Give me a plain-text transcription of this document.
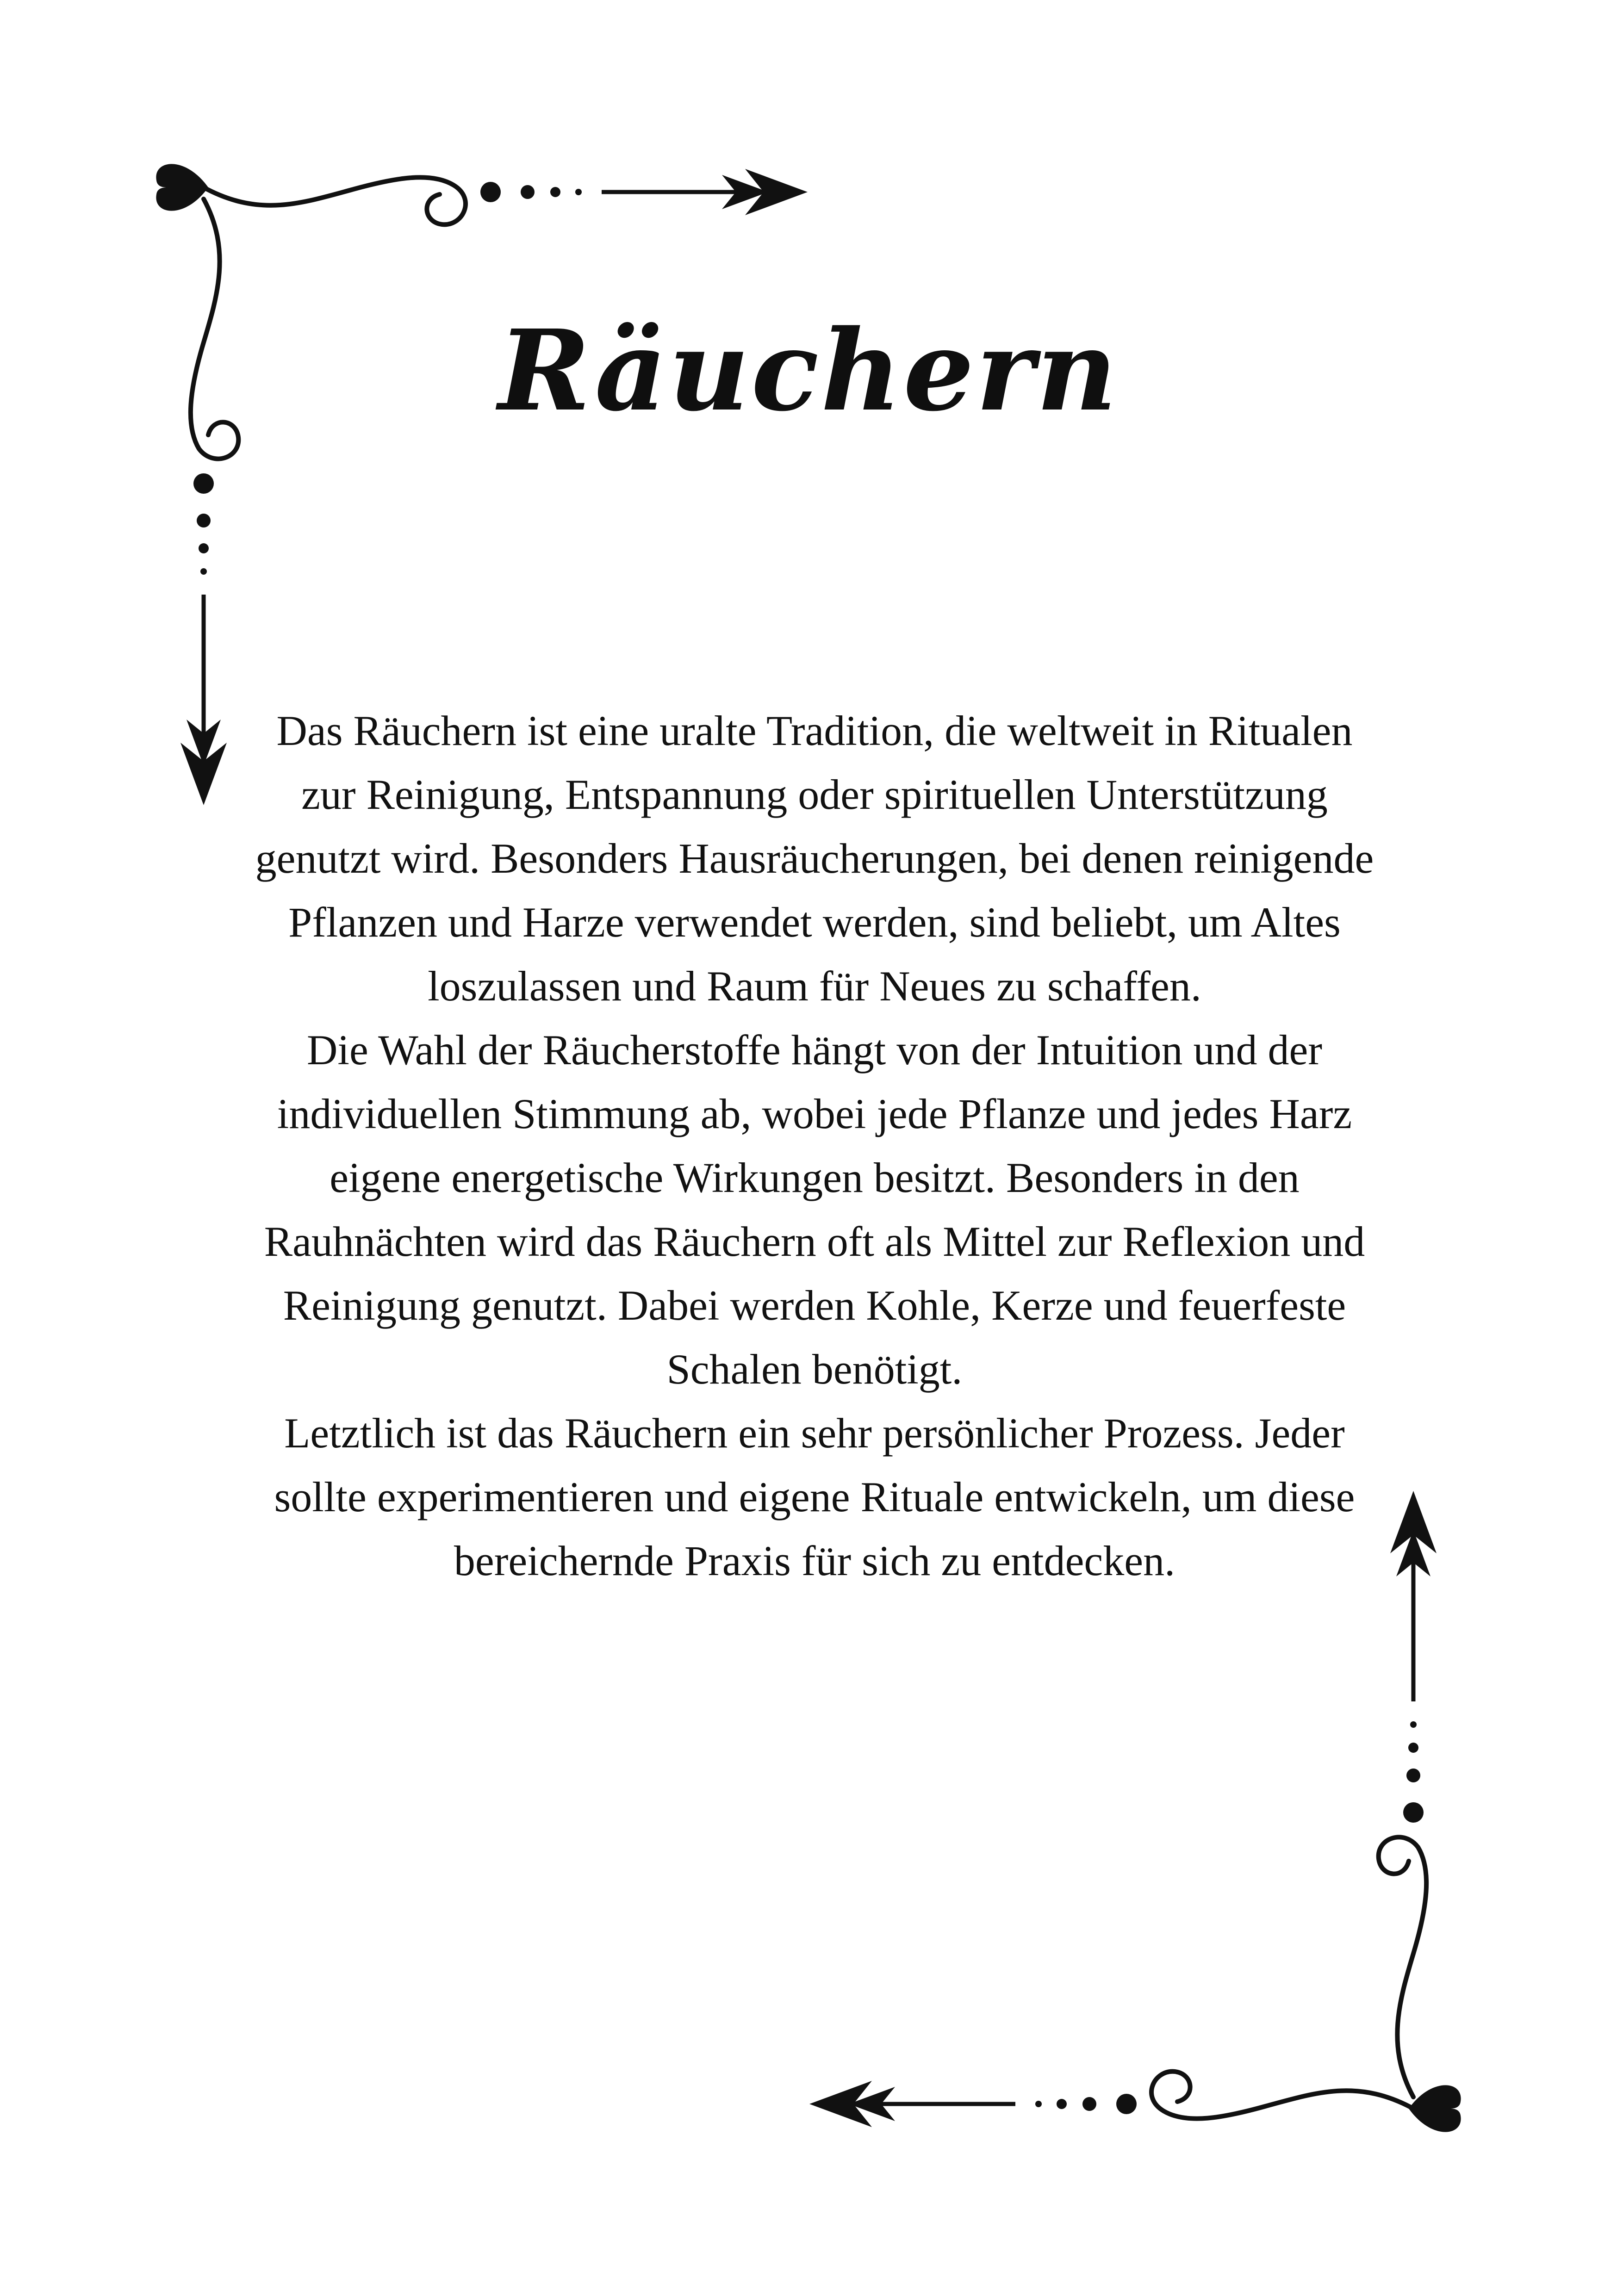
Räuchern

Das Räuchern ist eine uralte Tradition, die weltweit in Ritualen zur Reinigung, Entspannung oder spirituellen Unterstützung genutzt wird. Besonders Hausräucherungen, bei denen reinigende Pflanzen und Harze verwendet werden, sind beliebt, um Altes loszulassen und Raum für Neues zu schaffen.

Die Wahl der Räucherstoffe hängt von der Intuition und der individuellen Stimmung ab, wobei jede Pflanze und jedes Harz eigene energetische Wirkungen besitzt. Besonders in den Rauhnächten wird das Räuchern oft als Mittel zur Reflexion und Reinigung genutzt. Dabei werden Kohle, Kerze und feuerfeste Schalen benötigt.

Letztlich ist das Räuchern ein sehr persönlicher Prozess. Jeder sollte experimentieren und eigene Rituale entwickeln, um diese bereichernde Praxis für sich zu entdecken.
